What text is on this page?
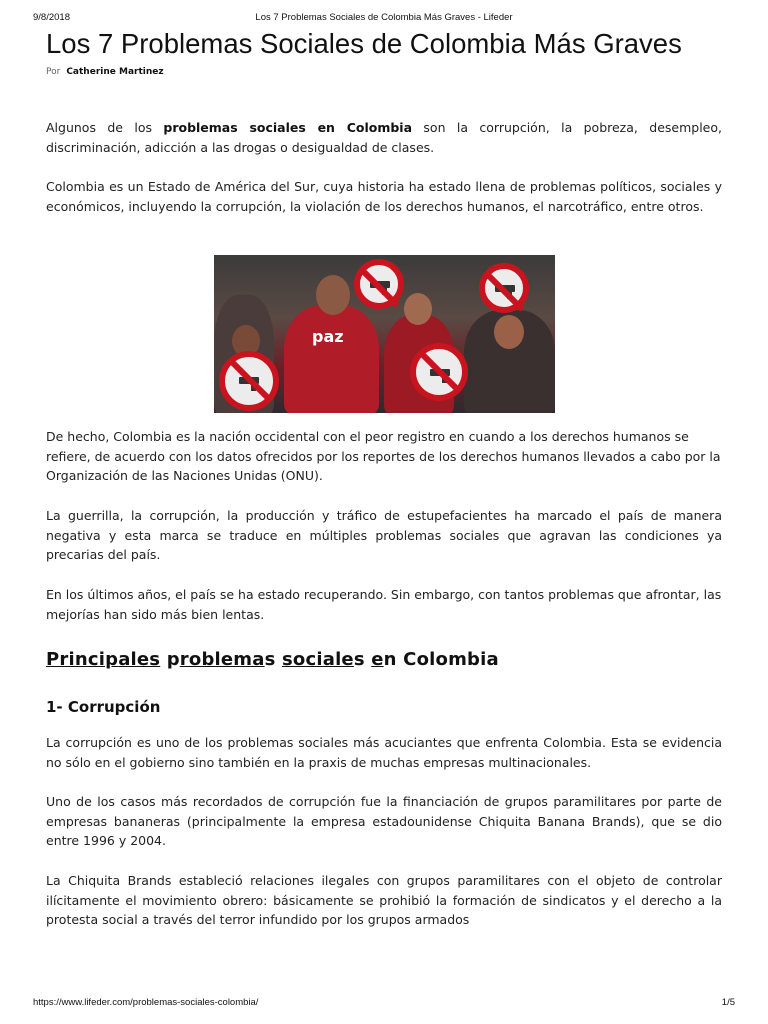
9/8/2018	Los 7 Problemas Sociales de Colombia Más Graves - Lifeder
Los 7 Problemas Sociales de Colombia Más Graves
Por Catherine Martinez

Algunos de los problemas sociales en Colombia son la corrupción, la pobreza, desempleo, discriminación, adicción a las drogas o desigualdad de clases.

Colombia es un Estado de América del Sur, cuya historia ha estado llena de problemas políticos, sociales y económicos, incluyendo la corrupción, la violación de los derechos humanos, el narcotráfico, entre otros.

paz

De hecho, Colombia es la nación occidental con el peor registro en cuando a los derechos humanos se refiere, de acuerdo con los datos ofrecidos por los reportes de los derechos humanos llevados a cabo por la Organización de las Naciones Unidas (ONU).

La guerrilla, la corrupción, la producción y tráfico de estupefacientes ha marcado el país de manera negativa y esta marca se traduce en múltiples problemas sociales que agravan las condiciones ya precarias del país.

En los últimos años, el país se ha estado recuperando. Sin embargo, con tantos problemas que afrontar, las mejorías han sido más bien lentas.

Principales problemas sociales en Colombia
1- Corrupción

La corrupción es uno de los problemas sociales más acuciantes que enfrenta Colombia. Esta se evidencia no sólo en el gobierno sino también en la praxis de muchas empresas multinacionales.

Uno de los casos más recordados de corrupción fue la financiación de grupos paramilitares por parte de empresas bananeras (principalmente la empresa estadounidense Chiquita Banana Brands), que se dio entre 1996 y 2004.

La Chiquita Brands estableció relaciones ilegales con grupos paramilitares con el objeto de controlar ilícitamente el movimiento obrero: básicamente se prohibió la formación de sindicatos y el derecho a la protesta social a través del terror infundido por los grupos armados

https://www.lifeder.com/problemas-sociales-colombia/	1/5
